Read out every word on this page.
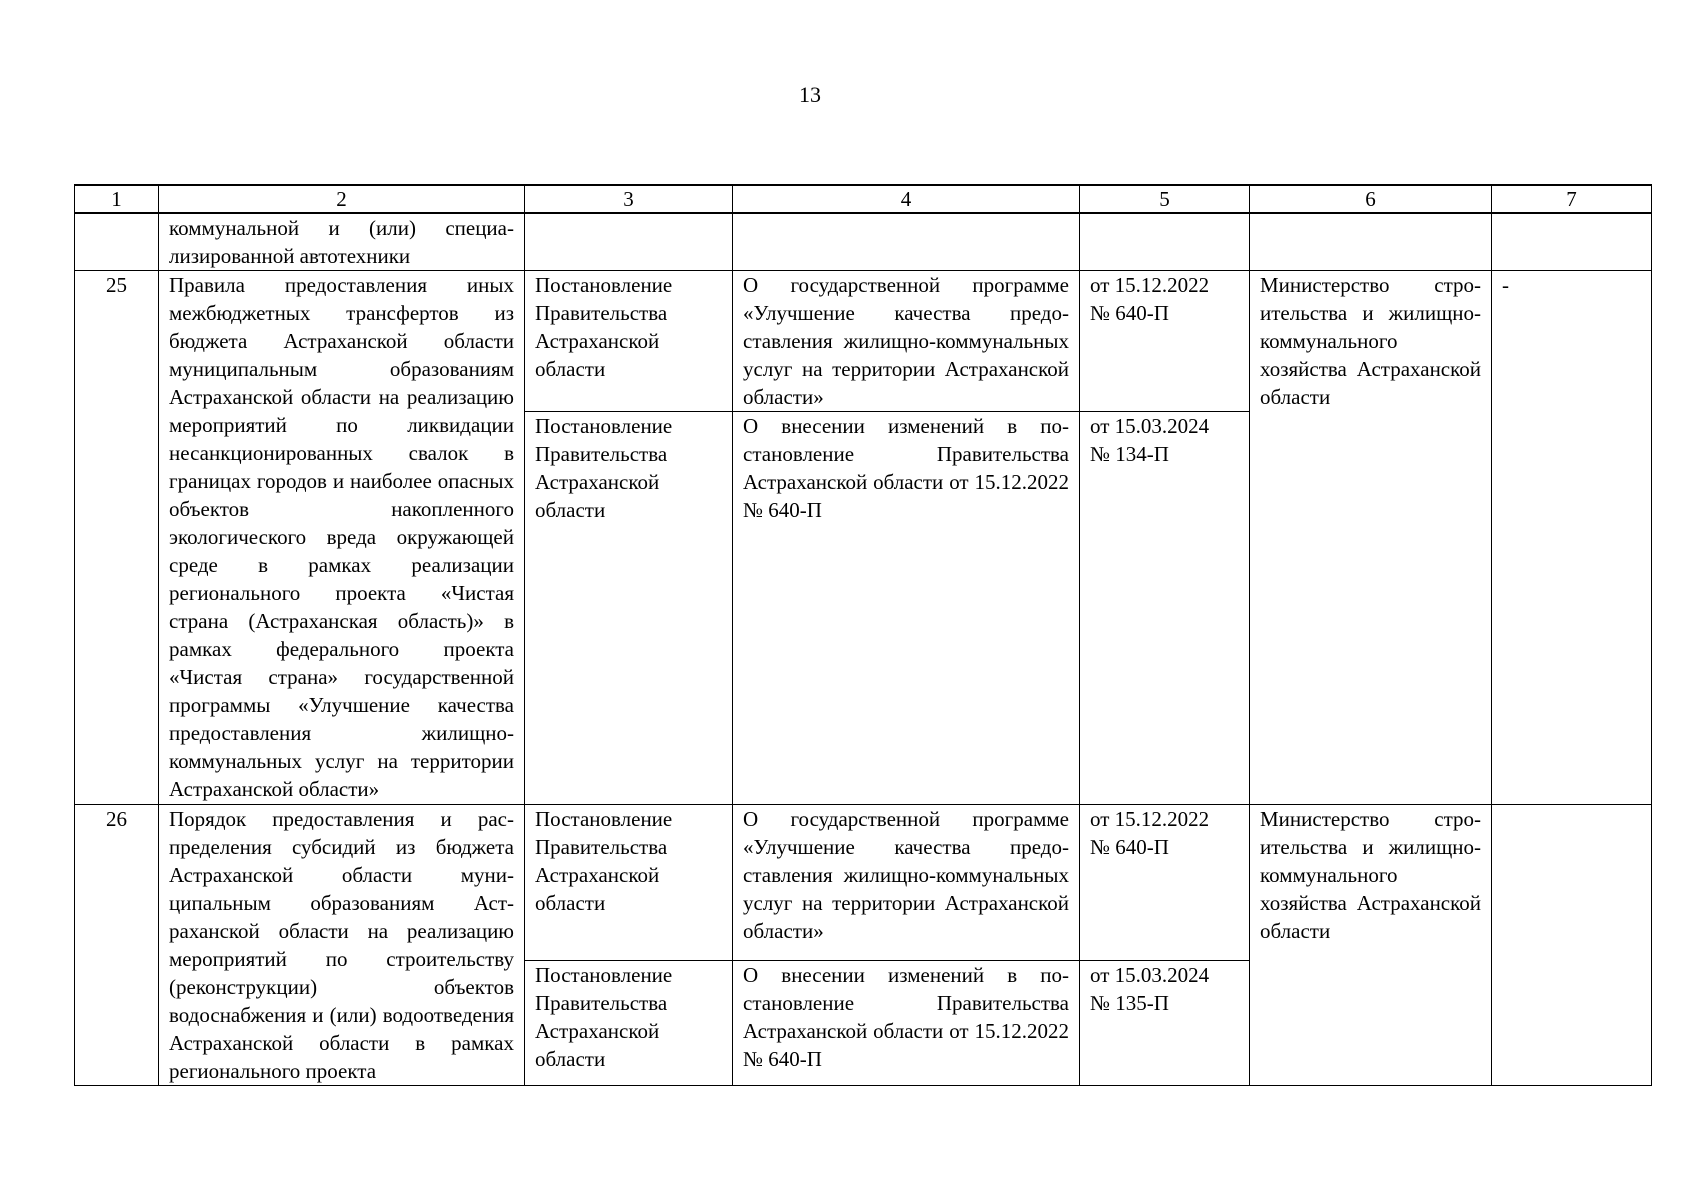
13
1	2	3	4	5	6	7
	коммунальной и (или) специализированной автотехники					
25	Правила предоставления иных межбюджетных трансфертов из бюджета Астраханской области муниципальным образованиям Астраханской области на реализацию мероприятий по ликвидации несанкционированных свалок в границах городов и наиболее опасных объектов накопленного экологического вреда окружающей среде в рамках реализации регионального проекта «Чистая страна (Астраханская область)» в рамках федерального проекта «Чистая страна» государственной программы «Улучшение качества предоставления жилищно-коммунальных услуг на территории Астраханской области»	Постановление Правительства Астраханской области	О государственной программе «Улучшение качества предоставления жилищно-коммунальных услуг на территории Астраханской области»	от 15.12.2022
№ 640-П	Министерство строительства и жилищно-коммунального хозяйства Астраханской области	-
		Постановление Правительства Астраханской области	О внесении изменений в постановление Правительства Астраханской области от 15.12.2022 № 640-П	от 15.03.2024
№ 134-П		

26	Порядок предоставления и распределения субсидий из бюджета Астраханской области муниципальным образованиям Астраханской области на реализацию мероприятий по строительству (реконструкции) объектов водоснабжения и (или) водоотведения Астраханской области в рамках регионального проекта	Постановление Правительства Астраханской области	О государственной программе «Улучшение качества предоставления жилищно-коммунальных услуг на территории Астраханской области»	от 15.12.2022
№ 640-П	Министерство строительства и жилищно-коммунального хозяйства Астраханской области	
		Постановление Правительства Астраханской области	О внесении изменений в постановление Правительства Астраханской области от 15.12.2022 № 640-П	от 15.03.2024
№ 135-П		
